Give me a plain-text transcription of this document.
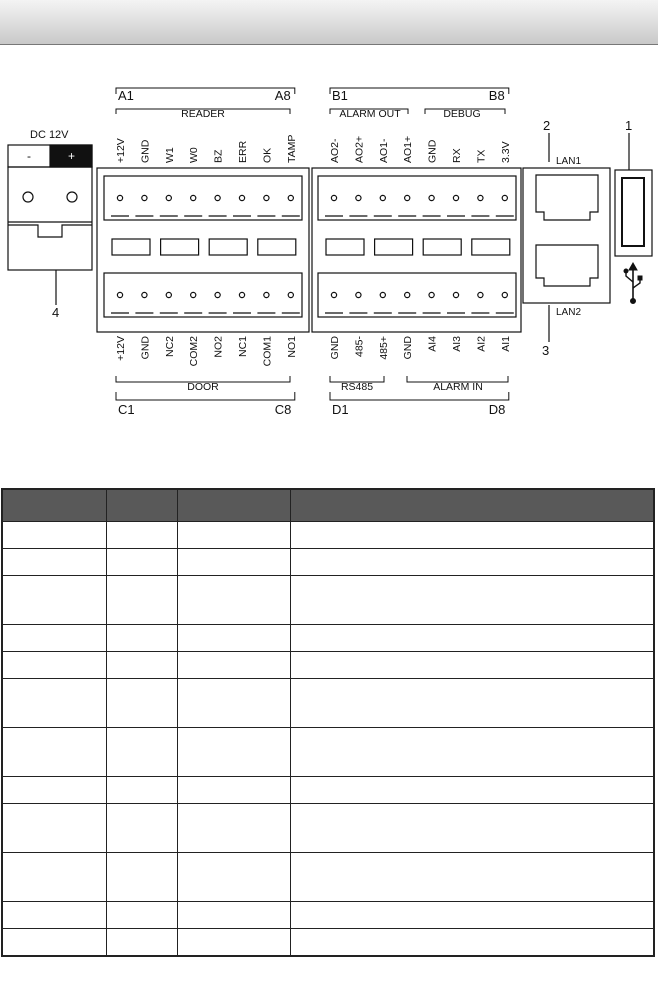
+12V GND W1 W0 BZ ERR OK TAMP
A1	A8
AO2- AO2+ AO1- AO1+ GND RX TX 3.3V
B1	B8
+12V GND NC2 COM2 NO2 NC1 COM1 NO1
C1	C8
GND 485- 485+ GND AI4 AI3 AI2 AI1
D1	D8
READER	ALARM OUT	DEBUG
DOOR	RS485	ALARM IN
DC 12V
-	+
4
2	1
3
LAN1
LAN2
